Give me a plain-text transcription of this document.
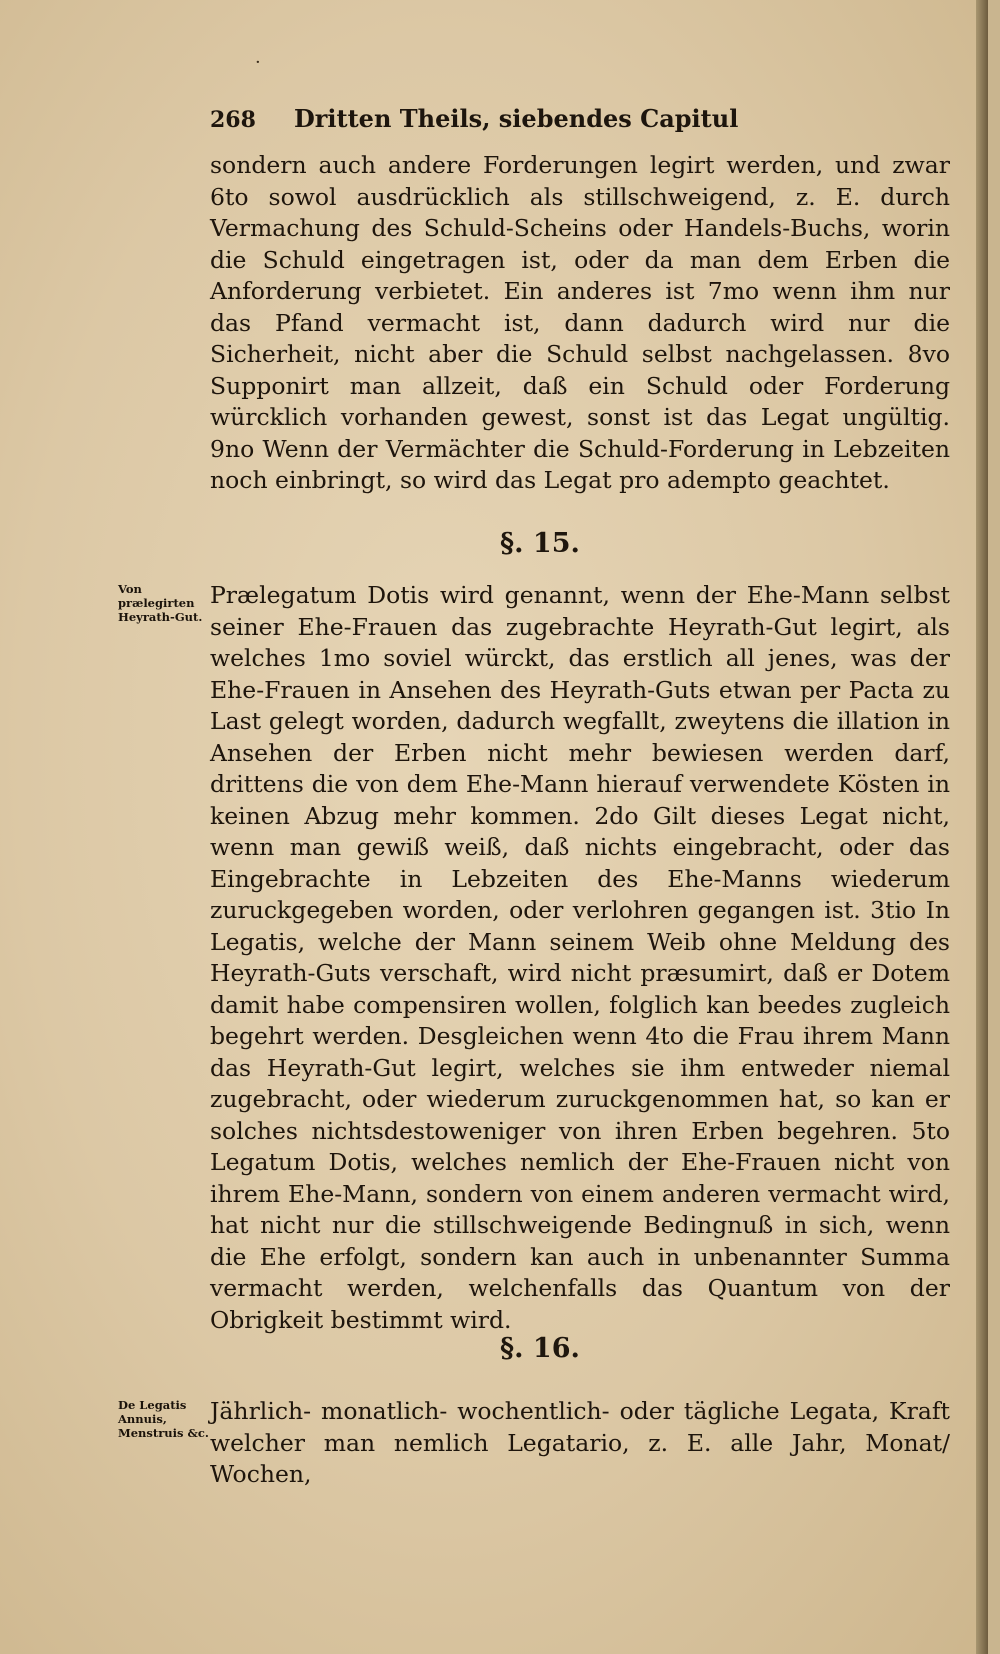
268 Dritten Theils, siebendes Capitul

sondern auch andere Forderungen legirt werden, und zwar 6to sowol ausdrücklich als stillschweigend, z. E. durch Vermachung des Schuld-Scheins oder Handels-Buchs, worin die Schuld eingetragen ist, oder da man dem Erben die Anforderung verbietet. Ein anderes ist 7mo wenn ihm nur das Pfand vermacht ist, dann dadurch wird nur die Sicherheit, nicht aber die Schuld selbst nachgelassen. 8vo Supponirt man allzeit, daß ein Schuld oder Forderung würcklich vorhanden gewest, sonst ist das Legat ungültig. 9no Wenn der Vermächter die Schuld-Forderung in Lebzeiten noch einbringt, so wird das Legat pro adempto geachtet.

§. 15.
Von prælegirten Heyrath-Gut.

Prælegatum Dotis wird genannt, wenn der Ehe-Mann selbst seiner Ehe-Frauen das zugebrachte Heyrath-Gut legirt, als welches 1mo soviel würckt, das erstlich all jenes, was der Ehe-Frauen in Ansehen des Heyrath-Guts etwan per Pacta zu Last gelegt worden, dadurch wegfallt, zweytens die illation in Ansehen der Erben nicht mehr bewiesen werden darf, drittens die von dem Ehe-Mann hierauf verwendete Kösten in keinen Abzug mehr kommen. 2do Gilt dieses Legat nicht, wenn man gewiß weiß, daß nichts eingebracht, oder das Eingebrachte in Lebzeiten des Ehe-Manns wiederum zuruckgegeben worden, oder verlohren gegangen ist. 3tio In Legatis, welche der Mann seinem Weib ohne Meldung des Heyrath-Guts verschaft, wird nicht præsumirt, daß er Dotem damit habe compensiren wollen, folglich kan beedes zugleich begehrt werden. Desgleichen wenn 4to die Frau ihrem Mann das Heyrath-Gut legirt, welches sie ihm entweder niemal zugebracht, oder wiederum zuruckgenommen hat, so kan er solches nichtsdestoweniger von ihren Erben begehren. 5to Legatum Dotis, welches nemlich der Ehe-Frauen nicht von ihrem Ehe-Mann, sondern von einem anderen vermacht wird, hat nicht nur die stillschweigende Bedingnuß in sich, wenn die Ehe erfolgt, sondern kan auch in unbenannter Summa vermacht werden, welchenfalls das Quantum von der Obrigkeit bestimmt wird.

§. 16.
De Legatis Annuis, Menstruis &c.

Jährlich- monatlich- wochentlich- oder tägliche Legata, Kraft welcher man nemlich Legatario, z. E. alle Jahr, Monat/ Wochen,

·
